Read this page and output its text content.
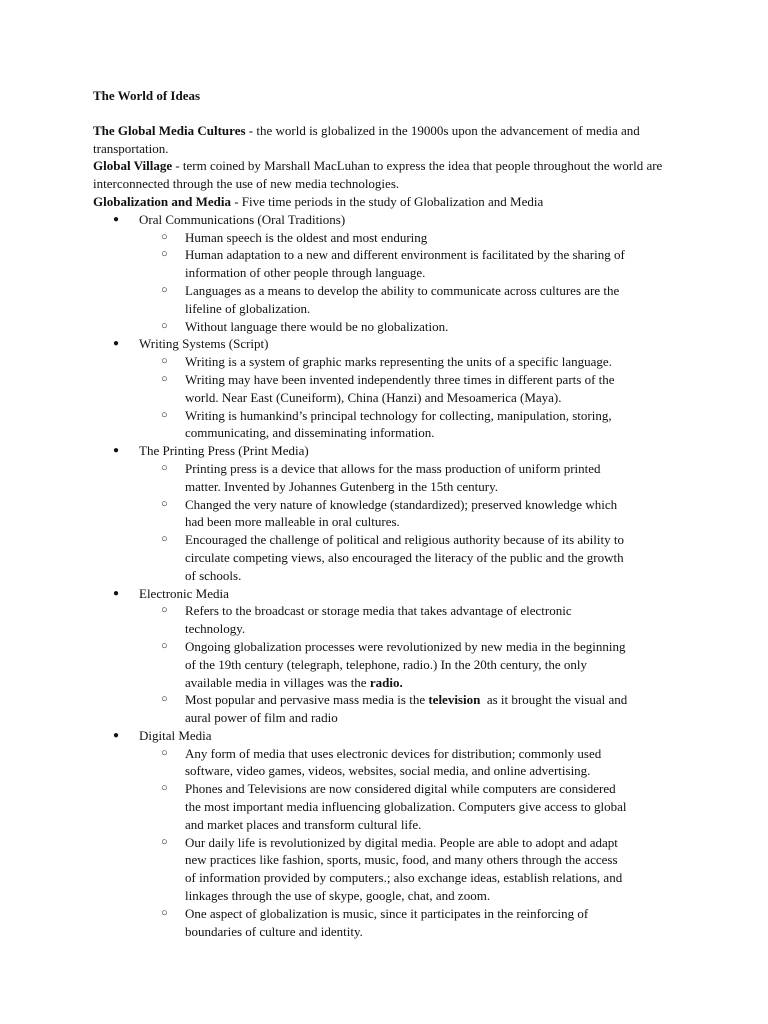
The World of Ideas

The Global Media Cultures - the world is globalized in the 19000s upon the advancement of media and transportation.

Global Village - term coined by Marshall MacLuhan to express the idea that people throughout the world are interconnected through the use of new media technologies.

Globalization and Media - Five time periods in the study of Globalization and Media

● Oral Communications (Oral Traditions)
○ Human speech is the oldest and most enduring
○ Human adaptation to a new and different environment is facilitated by the sharing of information of other people through language.
○ Languages as a means to develop the ability to communicate across cultures are the lifeline of globalization.
○ Without language there would be no globalization.
● Writing Systems (Script)
○ Writing is a system of graphic marks representing the units of a specific language.
○ Writing may have been invented independently three times in different parts of the world. Near East (Cuneiform), China (Hanzi) and Mesoamerica (Maya).
○ Writing is humankind’s principal technology for collecting, manipulation, storing, communicating, and disseminating information.
● The Printing Press (Print Media)
○ Printing press is a device that allows for the mass production of uniform printed matter. Invented by Johannes Gutenberg in the 15th century.
○ Changed the very nature of knowledge (standardized); preserved knowledge which had been more malleable in oral cultures.
○ Encouraged the challenge of political and religious authority because of its ability to circulate competing views, also encouraged the literacy of the public and the growth of schools.
● Electronic Media
○ Refers to the broadcast or storage media that takes advantage of electronic technology.
○ Ongoing globalization processes were revolutionized by new media in the beginning of the 19th century (telegraph, telephone, radio.) In the 20th century, the only available media in villages was the radio.
○ Most popular and pervasive mass media is the television  as it brought the visual and aural power of film and radio
● Digital Media
○ Any form of media that uses electronic devices for distribution; commonly used software, video games, videos, websites, social media, and online advertising.
○ Phones and Televisions are now considered digital while computers are considered the most important media influencing globalization. Computers give access to global and market places and transform cultural life.
○ Our daily life is revolutionized by digital media. People are able to adopt and adapt new practices like fashion, sports, music, food, and many others through the access of information provided by computers.; also exchange ideas, establish relations, and linkages through the use of skype, google, chat, and zoom.
○ One aspect of globalization is music, since it participates in the reinforcing of boundaries of culture and identity.
